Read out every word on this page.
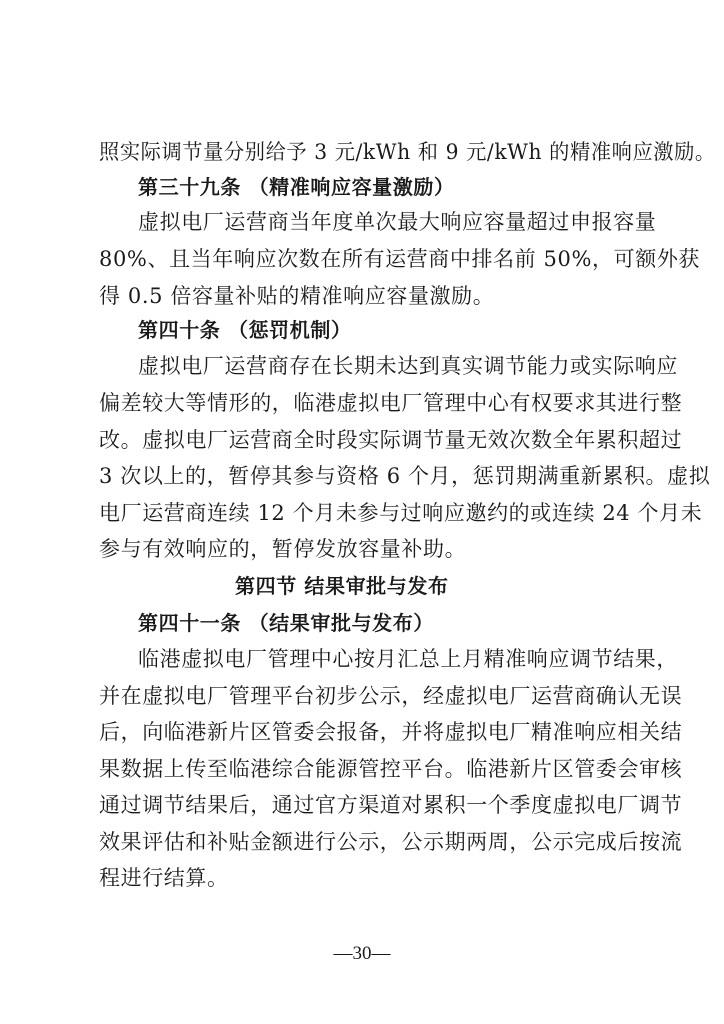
照实际调节量分别给予 3 元/kWh 和 9 元/kWh 的精准响应激励。
第三十九条 （精准响应容量激励）
虚拟电厂运营商当年度单次最大响应容量超过申报容量
80%、且当年响应次数在所有运营商中排名前 50%，可额外获
得 0.5 倍容量补贴的精准响应容量激励。
第四十条 （惩罚机制）
虚拟电厂运营商存在长期未达到真实调节能力或实际响应
偏差较大等情形的，临港虚拟电厂管理中心有权要求其进行整
改。虚拟电厂运营商全时段实际调节量无效次数全年累积超过
3 次以上的，暂停其参与资格 6 个月，惩罚期满重新累积。虚拟
电厂运营商连续 12 个月未参与过响应邀约的或连续 24 个月未
参与有效响应的，暂停发放容量补助。
第四节 结果审批与发布
第四十一条 （结果审批与发布）
临港虚拟电厂管理中心按月汇总上月精准响应调节结果，
并在虚拟电厂管理平台初步公示，经虚拟电厂运营商确认无误
后，向临港新片区管委会报备，并将虚拟电厂精准响应相关结
果数据上传至临港综合能源管控平台。临港新片区管委会审核
通过调节结果后，通过官方渠道对累积一个季度虚拟电厂调节
效果评估和补贴金额进行公示，公示期两周，公示完成后按流
程进行结算。
—30—
